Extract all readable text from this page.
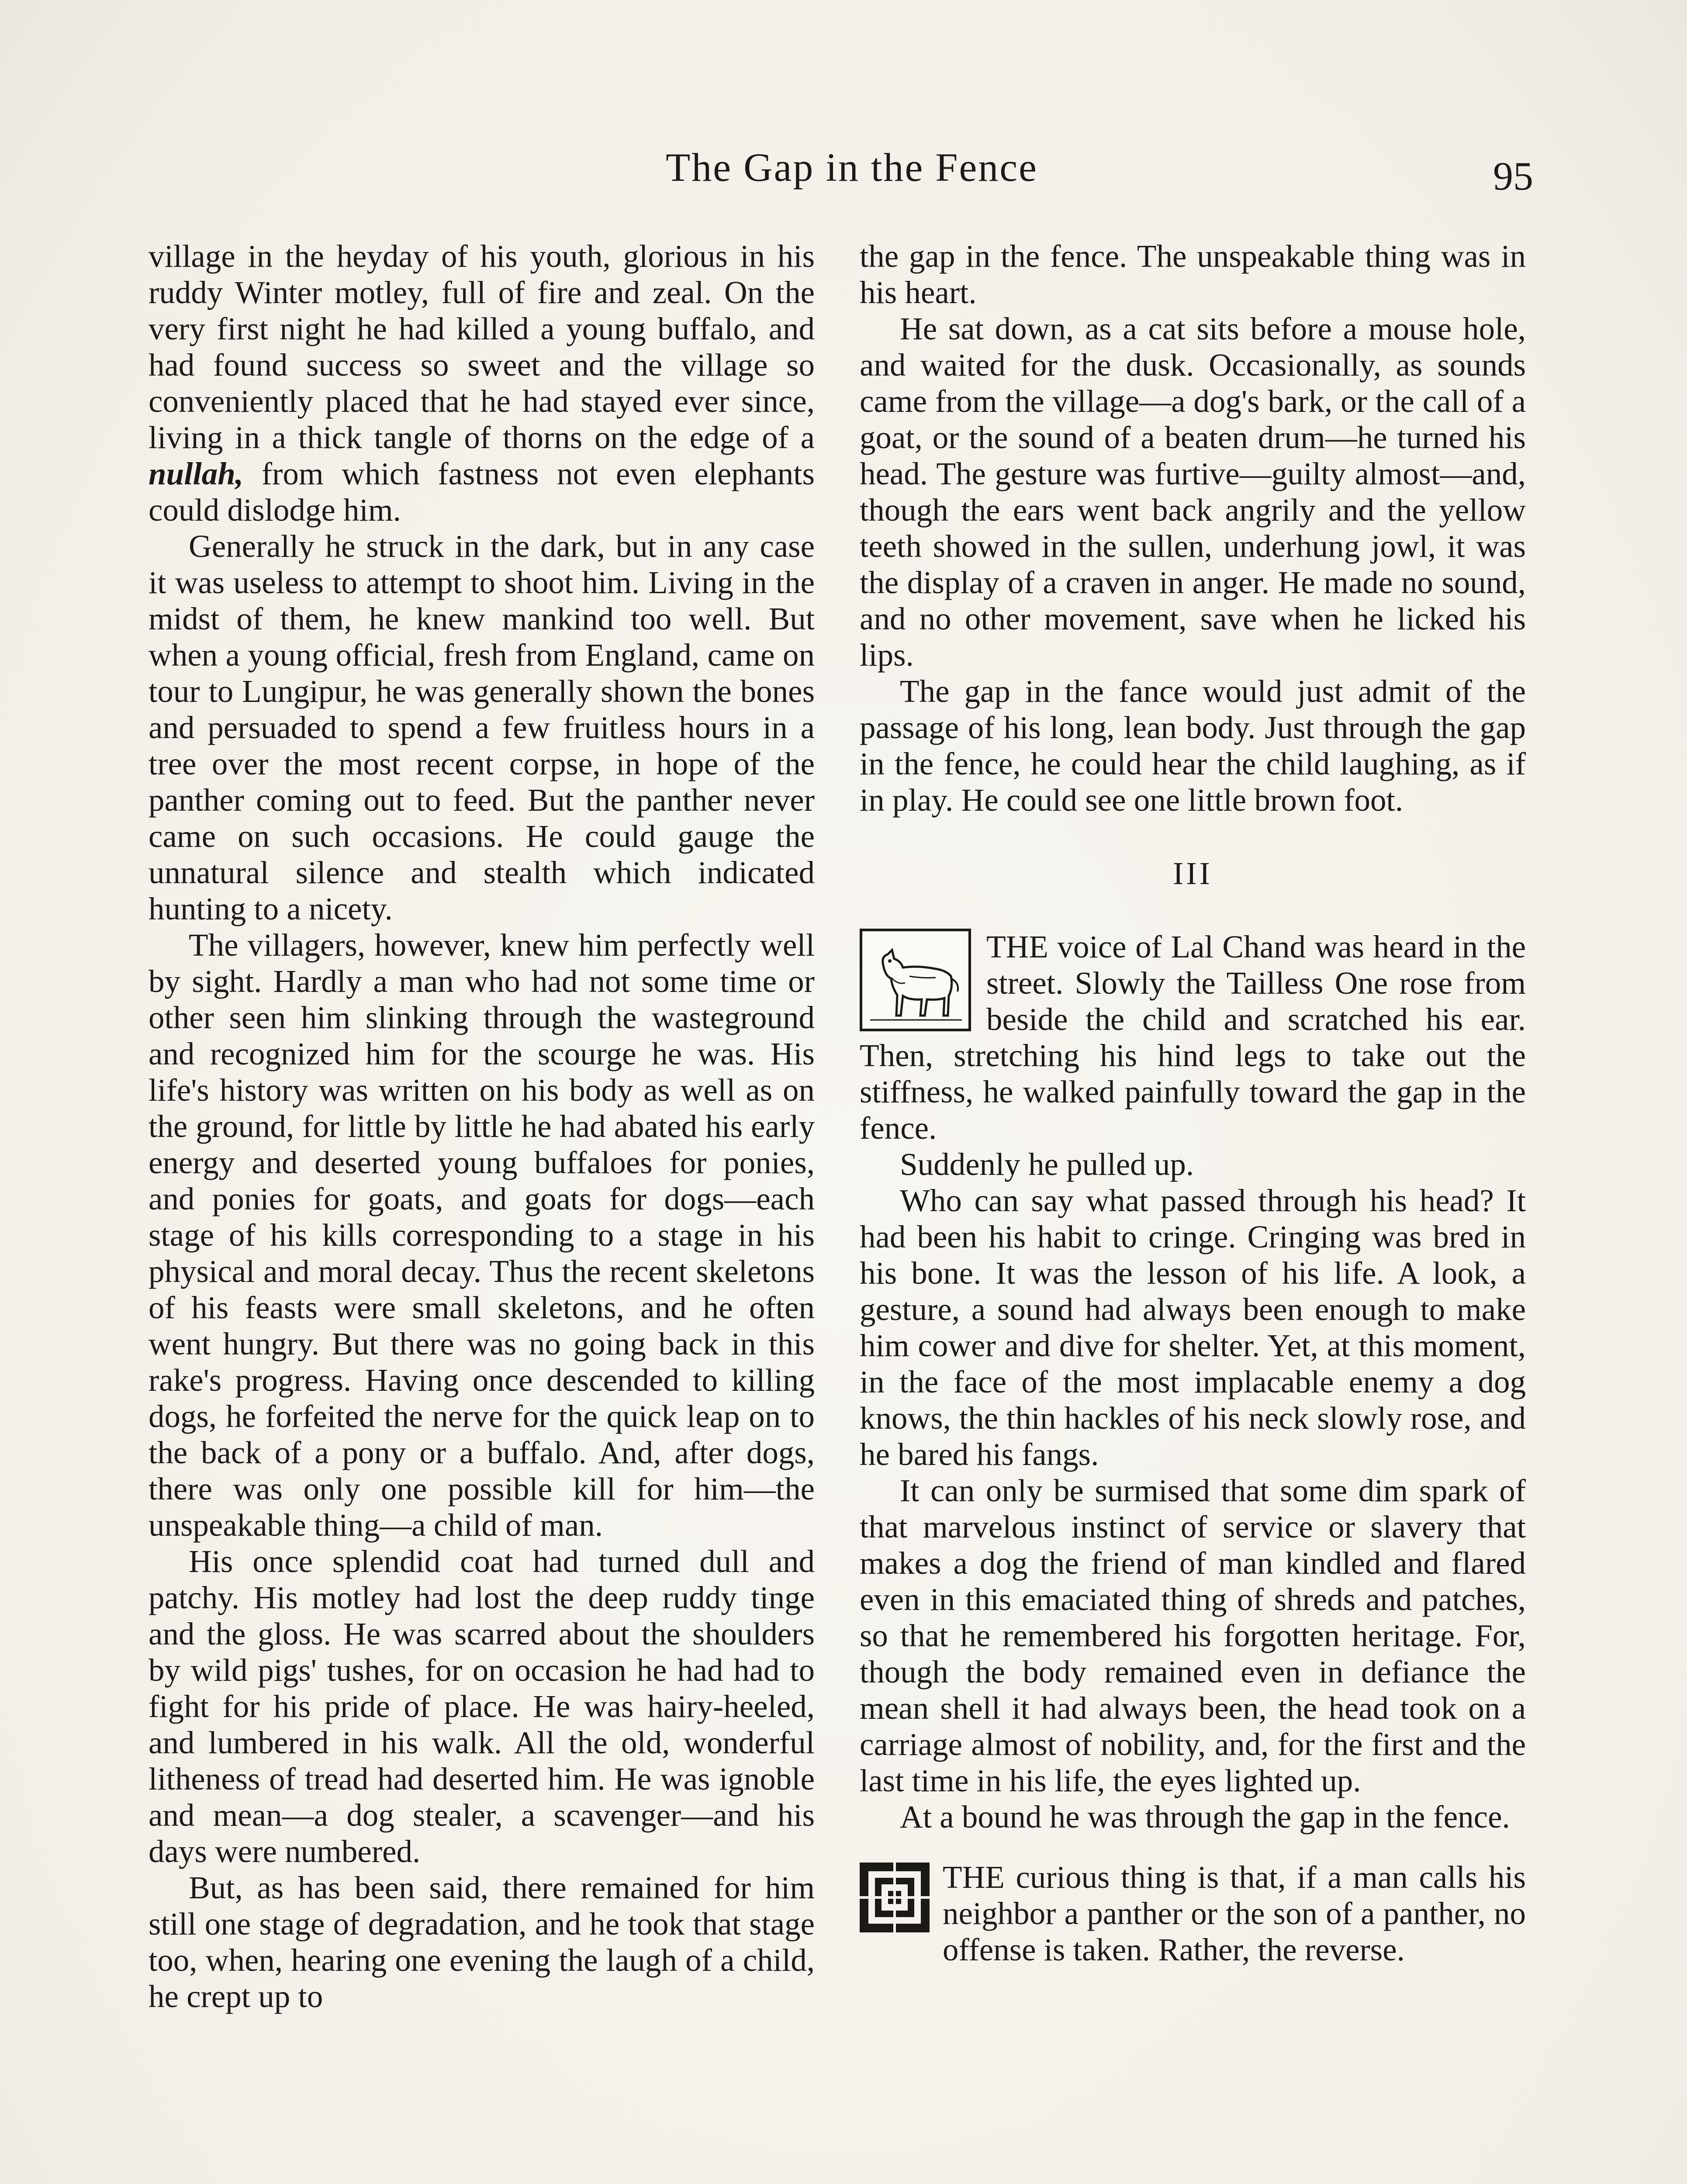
The Gap in the Fence	95

village in the heyday of his youth, glorious in his ruddy Winter motley, full of fire and zeal. On the very first night he had killed a young buffalo, and had found success so sweet and the village so conveniently placed that he had stayed ever since, living in a thick tangle of thorns on the edge of a nullah, from which fastness not even elephants could dislodge him.

Generally he struck in the dark, but in any case it was useless to attempt to shoot him. Living in the midst of them, he knew mankind too well. But when a young official, fresh from England, came on tour to Lungipur, he was generally shown the bones and persuaded to spend a few fruitless hours in a tree over the most recent corpse, in hope of the panther coming out to feed. But the panther never came on such occasions. He could gauge the unnatural silence and stealth which indicated hunting to a nicety.

The villagers, however, knew him perfectly well by sight. Hardly a man who had not some time or other seen him slinking through the wasteground and recognized him for the scourge he was. His life's history was written on his body as well as on the ground, for little by little he had abated his early energy and deserted young buffaloes for ponies, and ponies for goats, and goats for dogs—each stage of his kills corresponding to a stage in his physical and moral decay. Thus the recent skeletons of his feasts were small skeletons, and he often went hungry. But there was no going back in this rake's progress. Having once descended to killing dogs, he forfeited the nerve for the quick leap on to the back of a pony or a buffalo. And, after dogs, there was only one possible kill for him—the unspeakable thing—a child of man.

His once splendid coat had turned dull and patchy. His motley had lost the deep ruddy tinge and the gloss. He was scarred about the shoulders by wild pigs' tushes, for on occasion he had had to fight for his pride of place. He was hairy-heeled, and lumbered in his walk. All the old, wonderful litheness of tread had deserted him. He was ignoble and mean—a dog stealer, a scavenger—and his days were numbered.

But, as has been said, there remained for him still one stage of degradation, and he took that stage too, when, hearing one evening the laugh of a child, he crept up to

the gap in the fence. The unspeakable thing was in his heart.

He sat down, as a cat sits before a mouse hole, and waited for the dusk. Occasionally, as sounds came from the village—a dog's bark, or the call of a goat, or the sound of a beaten drum—he turned his head. The gesture was furtive—guilty almost—and, though the ears went back angrily and the yellow teeth showed in the sullen, underhung jowl, it was the display of a craven in anger. He made no sound, and no other movement, save when he licked his lips.

The gap in the fance would just admit of the passage of his long, lean body. Just through the gap in the fence, he could hear the child laughing, as if in play. He could see one little brown foot.

III

THE voice of Lal Chand was heard in the street. Slowly the Tailless One rose from beside the child and scratched his ear. Then, stretching his hind legs to take out the stiffness, he walked painfully toward the gap in the fence.

Suddenly he pulled up.

Who can say what passed through his head? It had been his habit to cringe. Cringing was bred in his bone. It was the lesson of his life. A look, a gesture, a sound had always been enough to make him cower and dive for shelter. Yet, at this moment, in the face of the most implacable enemy a dog knows, the thin hackles of his neck slowly rose, and he bared his fangs.

It can only be surmised that some dim spark of that marvelous instinct of service or slavery that makes a dog the friend of man kindled and flared even in this emaciated thing of shreds and patches, so that he remembered his forgotten heritage. For, though the body remained even in defiance the mean shell it had always been, the head took on a carriage almost of nobility, and, for the first and the last time in his life, the eyes lighted up.

At a bound he was through the gap in the fence.

THE curious thing is that, if a man calls his neighbor a panther or the son of a panther, no offense is taken. Rather, the reverse.
